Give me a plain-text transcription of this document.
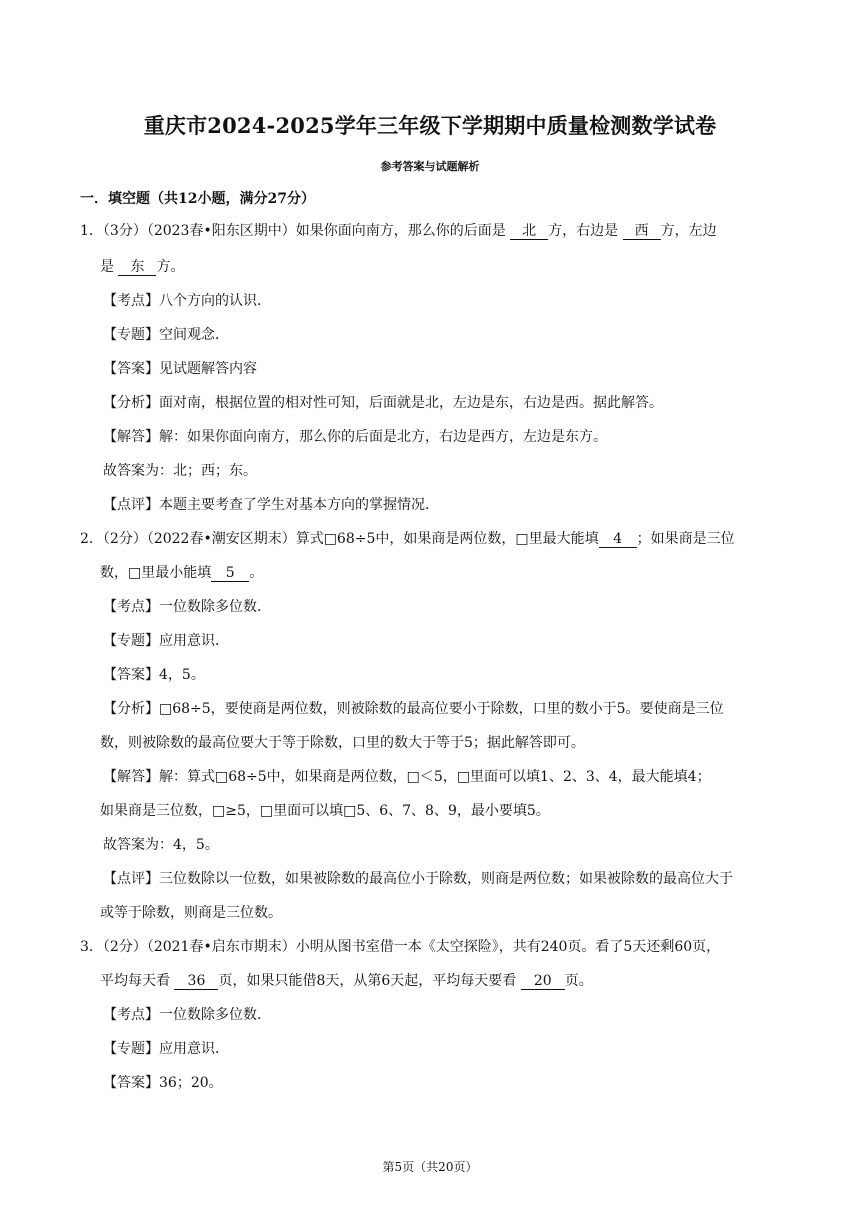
重庆市2024-2025学年三年级下学期期中质量检测数学试卷
参考答案与试题解析
一．填空题（共12小题，满分27分）
1．（3分）（2023春•阳东区期中）如果你面向南方，那么你的后面是 北 方，右边是 西 方，左边
是 东 方。
【考点】八个方向的认识．
【专题】空间观念．
【答案】见试题解答内容
【分析】面对南，根据位置的相对性可知，后面就是北，左边是东，右边是西。据此解答。
【解答】解：如果你面向南方，那么你的后面是北方，右边是西方，左边是东方。
故答案为：北；西；东。
【点评】本题主要考查了学生对基本方向的掌握情况．
2．（2分）（2022春•潮安区期末）算式□68÷5中，如果商是两位数，□里最大能填 4 ；如果商是三位
数，□里最小能填 5 。
【考点】一位数除多位数．
【专题】应用意识．
【答案】4，5。
【分析】□68÷5，要使商是两位数，则被除数的最高位要小于除数，口里的数小于5。要使商是三位
数，则被除数的最高位要大于等于除数，口里的数大于等于5；据此解答即可。
【解答】解：算式□68÷5中，如果商是两位数，□＜5，□里面可以填1、2、3、4，最大能填4；
如果商是三位数，□≥5，□里面可以填□5、6、7、8、9，最小要填5。
故答案为：4，5。
【点评】三位数除以一位数，如果被除数的最高位小于除数，则商是两位数；如果被除数的最高位大于
或等于除数，则商是三位数。
3．（2分）（2021春•启东市期末）小明从图书室借一本《太空探险》，共有240页。看了5天还剩60页，
平均每天看 36 页，如果只能借8天，从第6天起，平均每天要看 20 页。
【考点】一位数除多位数．
【专题】应用意识．
【答案】36；20。
第5页（共20页）
